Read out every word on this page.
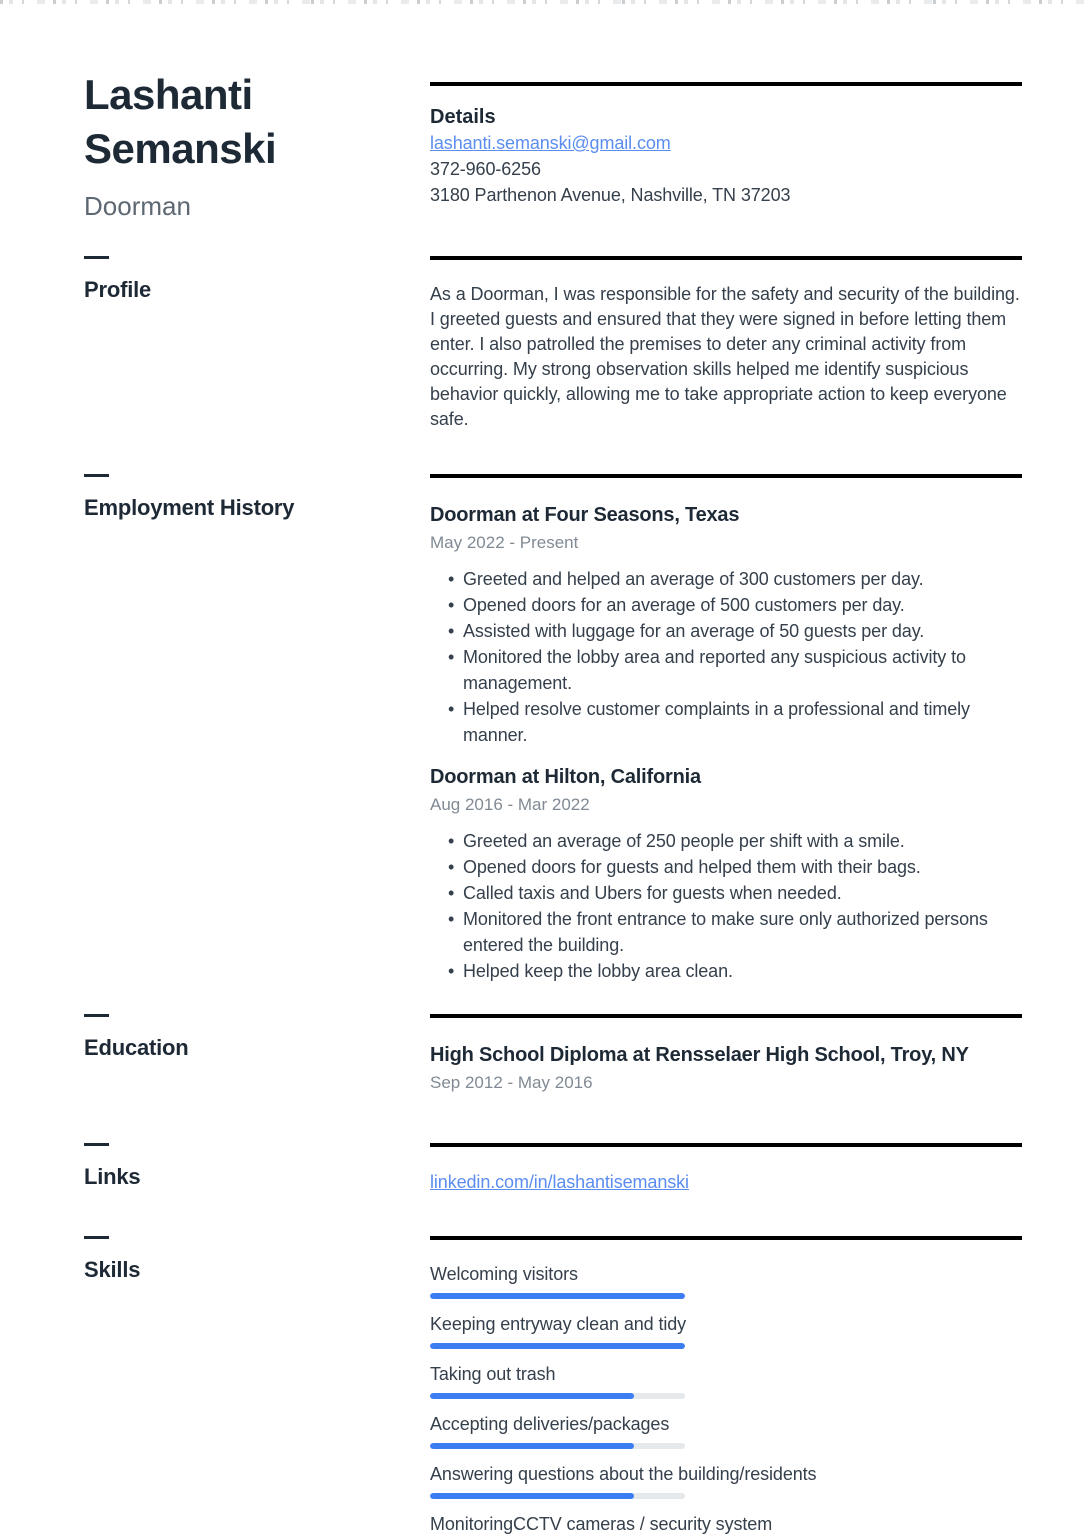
Lashanti
Semanski
Doorman
Details
lashanti.semanski@gmail.com
372-960-6256
3180 Parthenon Avenue, Nashville, TN 37203
Profile	As a Doorman, I was responsible for the safety and security of the building. I greeted guests and ensured that they were signed in before letting them enter. I also patrolled the premises to deter any criminal activity from occurring. My strong observation skills helped me identify suspicious behavior quickly, allowing me to take appropriate action to keep everyone safe.

Employment History	Doorman at Four Seasons, Texas
May 2022 - Present
• Greeted and helped an average of 300 customers per day.
• Opened doors for an average of 500 customers per day.
• Assisted with luggage for an average of 50 guests per day.
• Monitored the lobby area and reported any suspicious activity to management.
• Helped resolve customer complaints in a professional and timely manner.
Doorman at Hilton, California
Aug 2016 - Mar 2022
• Greeted an average of 250 people per shift with a smile.
• Opened doors for guests and helped them with their bags.
• Called taxis and Ubers for guests when needed.
• Monitored the front entrance to make sure only authorized persons entered the building.
• Helped keep the lobby area clean.
Education	High School Diploma at Rensselaer High School, Troy, NY
Sep 2012 - May 2016
Links	linkedin.com/in/lashantisemanski
Skills	Welcoming visitors
Keeping entryway clean and tidy
Taking out trash
Accepting deliveries/packages
Answering questions about the building/residents
MonitoringCCTV cameras / security system
